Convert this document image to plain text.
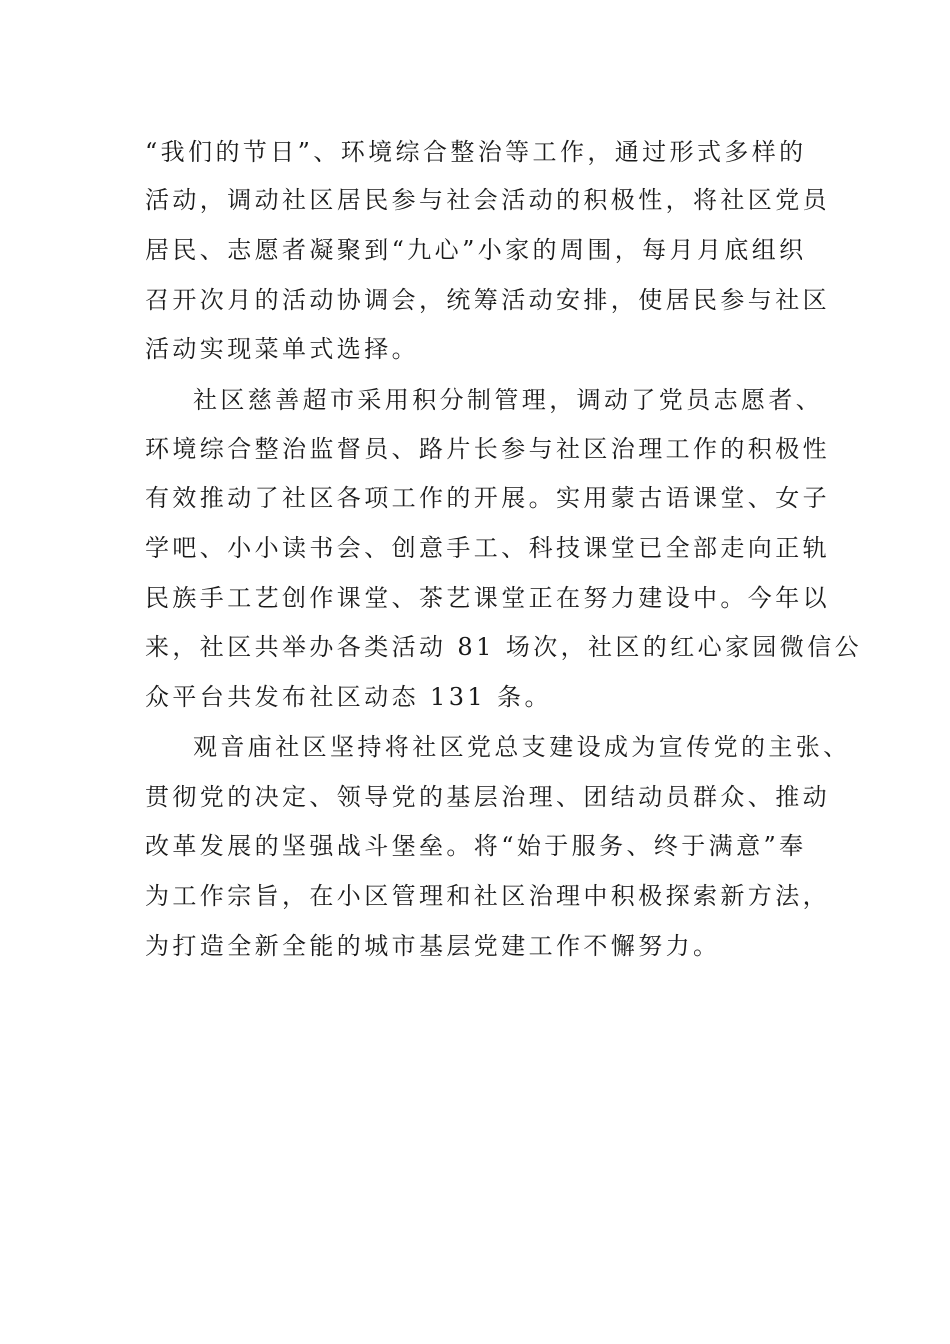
“我们的节日”、环境综合整治等工作，通过形式多样的
活动，调动社区居民参与社会活动的积极性，将社区党员
居民、志愿者凝聚到“九心”小家的周围，每月月底组织
召开次月的活动协调会，统筹活动安排，使居民参与社区
活动实现菜单式选择。
社区慈善超市采用积分制管理，调动了党员志愿者、
环境综合整治监督员、路片长参与社区治理工作的积极性
有效推动了社区各项工作的开展。实用蒙古语课堂、女子
学吧、小小读书会、创意手工、科技课堂已全部走向正轨
民族手工艺创作课堂、茶艺课堂正在努力建设中。今年以
来，社区共举办各类活动 81 场次，社区的红心家园微信公
众平台共发布社区动态 131 条。
观音庙社区坚持将社区党总支建设成为宣传党的主张、
贯彻党的决定、领导党的基层治理、团结动员群众、推动
改革发展的坚强战斗堡垒。将“始于服务、终于满意”奉
为工作宗旨，在小区管理和社区治理中积极探索新方法，
为打造全新全能的城市基层党建工作不懈努力。
